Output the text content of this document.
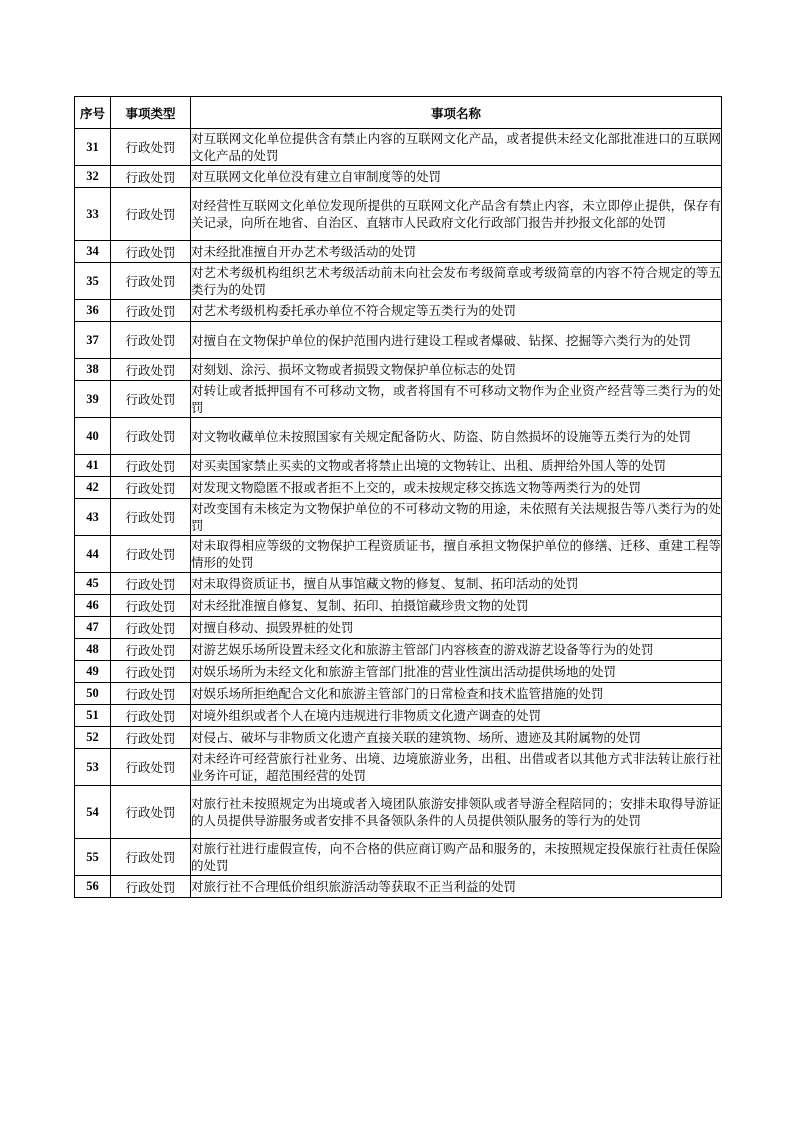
序号	事项类型	事项名称
31	行政处罚	对互联网文化单位提供含有禁止内容的互联网文化产品，或者提供未经文化部批准进口的互联网文化产品的处罚
32	行政处罚	对互联网文化单位没有建立自审制度等的处罚
33	行政处罚	对经营性互联网文化单位发现所提供的互联网文化产品含有禁止内容，未立即停止提供，保存有关记录，向所在地省、自治区、直辖市人民政府文化行政部门报告并抄报文化部的处罚
34	行政处罚	对未经批准擅自开办艺术考级活动的处罚
35	行政处罚	对艺术考级机构组织艺术考级活动前未向社会发布考级简章或考级简章的内容不符合规定的等五类行为的处罚
36	行政处罚	对艺术考级机构委托承办单位不符合规定等五类行为的处罚
37	行政处罚	对擅自在文物保护单位的保护范围内进行建设工程或者爆破、钻探、挖掘等六类行为的处罚
38	行政处罚	对刻划、涂污、损坏文物或者损毁文物保护单位标志的处罚
39	行政处罚	对转让或者抵押国有不可移动文物，或者将国有不可移动文物作为企业资产经营等三类行为的处罚
40	行政处罚	对文物收藏单位未按照国家有关规定配备防火、防盗、防自然损坏的设施等五类行为的处罚
41	行政处罚	对买卖国家禁止买卖的文物或者将禁止出境的文物转让、出租、质押给外国人等的处罚
42	行政处罚	对发现文物隐匿不报或者拒不上交的，或未按规定移交拣选文物等两类行为的处罚
43	行政处罚	对改变国有未核定为文物保护单位的不可移动文物的用途，未依照有关法规报告等八类行为的处罚
44	行政处罚	对未取得相应等级的文物保护工程资质证书，擅自承担文物保护单位的修缮、迁移、重建工程等情形的处罚
45	行政处罚	对未取得资质证书，擅自从事馆藏文物的修复、复制、拓印活动的处罚
46	行政处罚	对未经批准擅自修复、复制、拓印、拍摄馆藏珍贵文物的处罚
47	行政处罚	对擅自移动、损毁界桩的处罚
48	行政处罚	对游艺娱乐场所设置未经文化和旅游主管部门内容核查的游戏游艺设备等行为的处罚
49	行政处罚	对娱乐场所为未经文化和旅游主管部门批准的营业性演出活动提供场地的处罚
50	行政处罚	对娱乐场所拒绝配合文化和旅游主管部门的日常检查和技术监管措施的处罚
51	行政处罚	对境外组织或者个人在境内违规进行非物质文化遗产调查的处罚
52	行政处罚	对侵占、破坏与非物质文化遗产直接关联的建筑物、场所、遗迹及其附属物的处罚
53	行政处罚	对未经许可经营旅行社业务、出境、边境旅游业务，出租、出借或者以其他方式非法转让旅行社业务许可证，超范围经营的处罚
54	行政处罚	对旅行社未按照规定为出境或者入境团队旅游安排领队或者导游全程陪同的；安排未取得导游证的人员提供导游服务或者安排不具备领队条件的人员提供领队服务的等行为的处罚
55	行政处罚	对旅行社进行虚假宣传，向不合格的供应商订购产品和服务的，未按照规定投保旅行社责任保险的处罚
56	行政处罚	对旅行社不合理低价组织旅游活动等获取不正当利益的处罚
